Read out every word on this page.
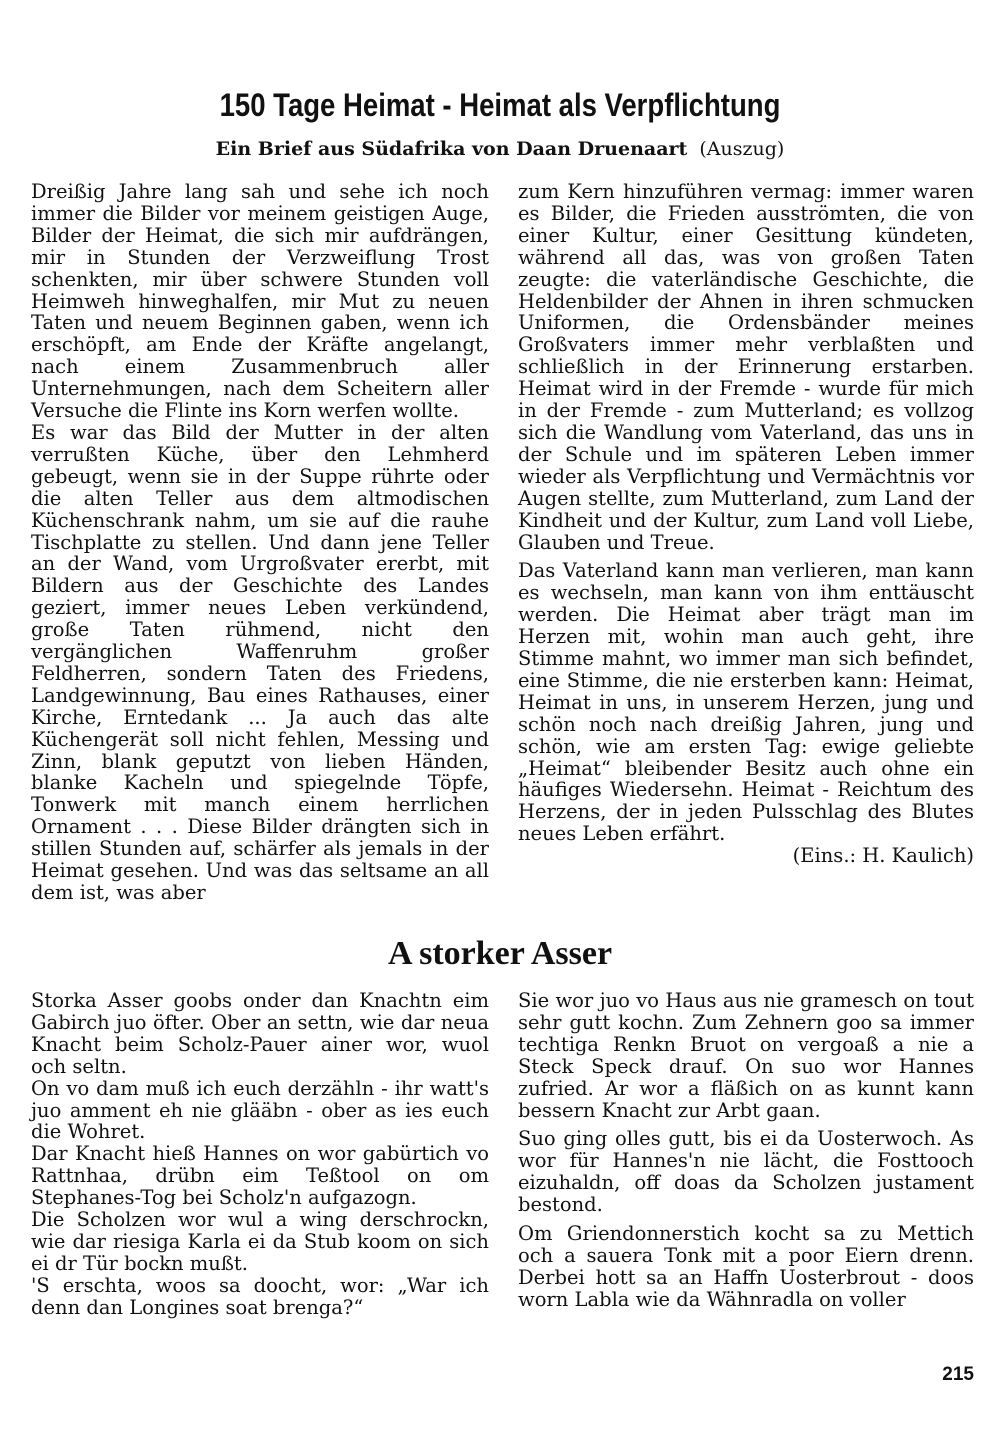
150 Tage Heimat - Heimat als Verpflichtung

Ein Brief aus Südafrika von Daan Druenaart (Auszug)

Dreißig Jahre lang sah und sehe ich noch immer die Bilder vor meinem geistigen Auge, Bilder der Heimat, die sich mir aufdrängen, mir in Stunden der Verzweiflung Trost schenkten, mir über schwere Stunden voll Heimweh hinweghalfen, mir Mut zu neuen Taten und neuem Beginnen gaben, wenn ich erschöpft, am Ende der Kräfte angelangt, nach einem Zusammenbruch aller Unternehmungen, nach dem Scheitern aller Versuche die Flinte ins Korn werfen wollte.

Es war das Bild der Mutter in der alten verrußten Küche, über den Lehmherd gebeugt, wenn sie in der Suppe rührte oder die alten Teller aus dem altmodischen Küchenschrank nahm, um sie auf die rauhe Tischplatte zu stellen. Und dann jene Teller an der Wand, vom Urgroßvater ererbt, mit Bildern aus der Geschichte des Landes geziert, immer neues Leben verkündend, große Taten rühmend, nicht den vergänglichen Waffenruhm großer Feldherren, sondern Taten des Friedens, Landgewinnung, Bau eines Rathauses, einer Kirche, Erntedank ... Ja auch das alte Küchengerät soll nicht fehlen, Messing und Zinn, blank geputzt von lieben Händen, blanke Kacheln und spiegelnde Töpfe, Tonwerk mit manch einem herrlichen Ornament . . . Diese Bilder drängten sich in stillen Stunden auf, schärfer als jemals in der Heimat gesehen. Und was das seltsame an all dem ist, was aber

zum Kern hinzuführen vermag: immer waren es Bilder, die Frieden ausströmten, die von einer Kultur, einer Gesittung kündeten, während all das, was von großen Taten zeugte: die vaterländische Geschichte, die Heldenbilder der Ahnen in ihren schmucken Uniformen, die Ordensbänder meines Großvaters immer mehr verblaßten und schließlich in der Erinnerung erstarben. Heimat wird in der Fremde - wurde für mich in der Fremde - zum Mutterland; es vollzog sich die Wandlung vom Vaterland, das uns in der Schule und im späteren Leben immer wieder als Verpflichtung und Vermächtnis vor Augen stellte, zum Mutterland, zum Land der Kindheit und der Kultur, zum Land voll Liebe, Glauben und Treue.

Das Vaterland kann man verlieren, man kann es wechseln, man kann von ihm enttäuscht werden. Die Heimat aber trägt man im Herzen mit, wohin man auch geht, ihre Stimme mahnt, wo immer man sich befindet, eine Stimme, die nie ersterben kann: Heimat, Heimat in uns, in unserem Herzen, jung und schön noch nach dreißig Jahren, jung und schön, wie am ersten Tag: ewige geliebte „Heimat“ bleibender Besitz auch ohne ein häufiges Wiedersehn. Heimat - Reichtum des Herzens, der in jeden Pulsschlag des Blutes neues Leben erfährt.

(Eins.: H. Kaulich)

A storker Asser

Storka Asser goobs onder dan Knachtn eim Gabirch juo öfter. Ober an settn, wie dar neua Knacht beim Scholz-Pauer ainer wor, wuol och seltn.

On vo dam muß ich euch derzähln - ihr watt's juo amment eh nie glääbn - ober as ies euch die Wohret.

Dar Knacht hieß Hannes on wor gabürtich vo Rattnhaa, drübn eim Teßtool on om Stephanes-Tog bei Scholz'n aufgazogn.

Die Scholzen wor wul a wing derschrockn, wie dar riesiga Karla ei da Stub koom on sich ei dr Tür bockn mußt.

'S erschta, woos sa doocht, wor: „War ich denn dan Longines soat brenga?“

Sie wor juo vo Haus aus nie gramesch on tout sehr gutt kochn. Zum Zehnern goo sa immer techtiga Renkn Bruot on vergoaß a nie a Steck Speck drauf. On suo wor Hannes zufried. Ar wor a fläßich on as kunnt kann bessern Knacht zur Arbt gaan.

Suo ging olles gutt, bis ei da Uosterwoch. As wor für Hannes'n nie lächt, die Fosttooch eizuhaldn, off doas da Scholzen justament bestond.

Om Griendonnerstich kocht sa zu Mettich och a sauera Tonk mit a poor Eiern drenn. Derbei hott sa an Haffn Uosterbrout - doos worn Labla wie da Wähnradla on voller

215
